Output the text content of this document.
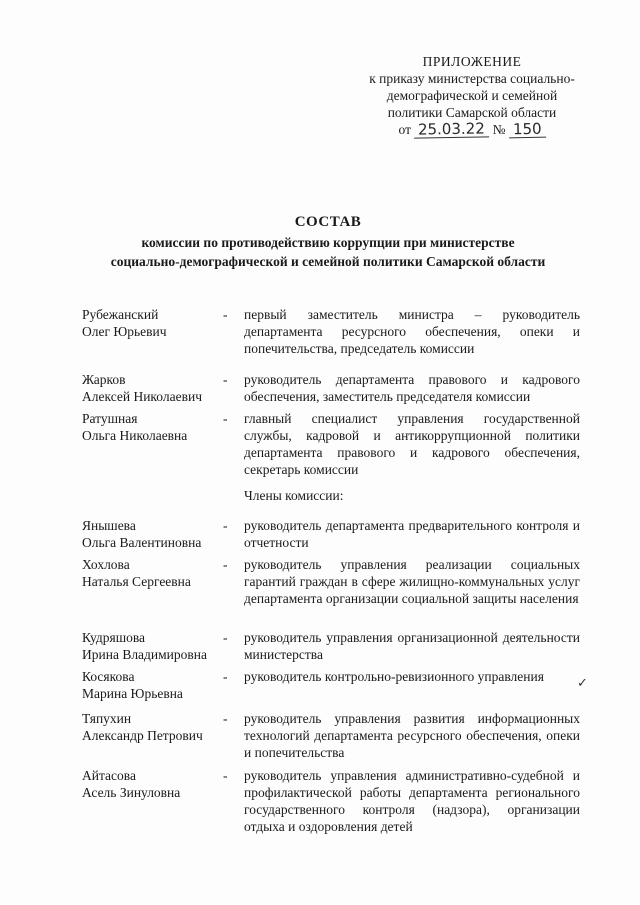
ПРИЛОЖЕНИЕ
к приказу министерства социально-
демографической и семейной
политики Самарской области
от 25.03.22 № 150
СОСТАВ
комиссии по противодействию коррупции при министерстве
социально-демографической и семейной политики Самарской области
Рубежанский
Олег Юрьевич
- первый заместитель министра – руководитель департамента ресурсного обеспечения, опеки и попечительства, председатель комиссии
Жарков
Алексей Николаевич
- руководитель департамента правового и кадрового обеспечения, заместитель председателя комиссии
Ратушная
Ольга Николаевна
- главный специалист управления государственной службы, кадровой и антикоррупционной политики департамента правового и кадрового обеспечения, секретарь комиссии
Члены комиссии:
Янышева
Ольга Валентиновна
- руководитель департамента предварительного контроля и отчетности
Хохлова
Наталья Сергеевна
- руководитель управления реализации социальных гарантий граждан в сфере жилищно-коммунальных услуг департамента организации социальной защиты населения
Кудряшова
Ирина Владимировна
- руководитель управления организационной деятельности министерства
Косякова
Марина Юрьевна
- руководитель контрольно-ревизионного управления
Тяпухин
Александр Петрович
- руководитель управления развития информационных технологий департамента ресурсного обеспечения, опеки и попечительства
Айтасова
Асель Зинуловна
- руководитель управления административно-судебной и профилактической работы департамента регионального государственного контроля (надзора), организации отдыха и оздоровления детей
✓
